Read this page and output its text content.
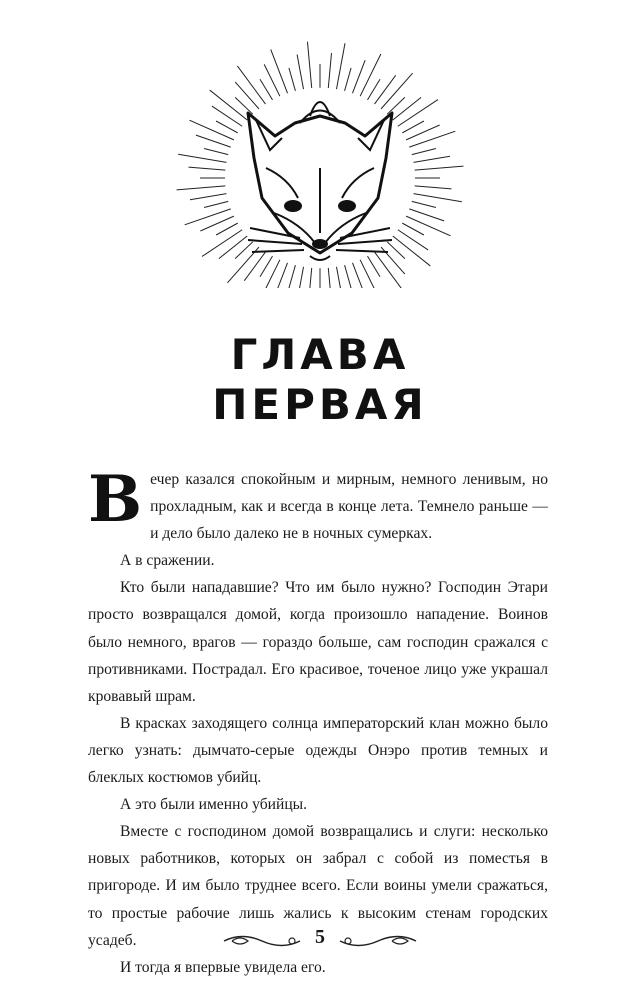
ГЛАВА
ПЕРВАЯ

Вечер казался спокойным и мирным, немного ленивым, но прохладным, как и всегда в конце лета. Темнело раньше — и дело было далеко не в ночных сумерках.

А в сражении.

Кто были нападавшие? Что им было нужно? Господин Этари просто возвращался домой, когда произошло нападение. Воинов было немного, врагов — гораздо больше, сам господин сражался с противниками. Пострадал. Его красивое, точеное лицо уже украшал кровавый шрам.

В красках заходящего солнца императорский клан можно было легко узнать: дымчато-серые одежды Онэро против темных и блеклых костюмов убийц.

А это были именно убийцы.

Вместе с господином домой возвращались и слуги: несколько новых работников, которых он забрал с собой из поместья в пригороде. И им было труднее всего. Если воины умели сражаться, то простые рабочие лишь жались к высоким стенам городских усадеб.

И тогда я впервые увидела его.

5
